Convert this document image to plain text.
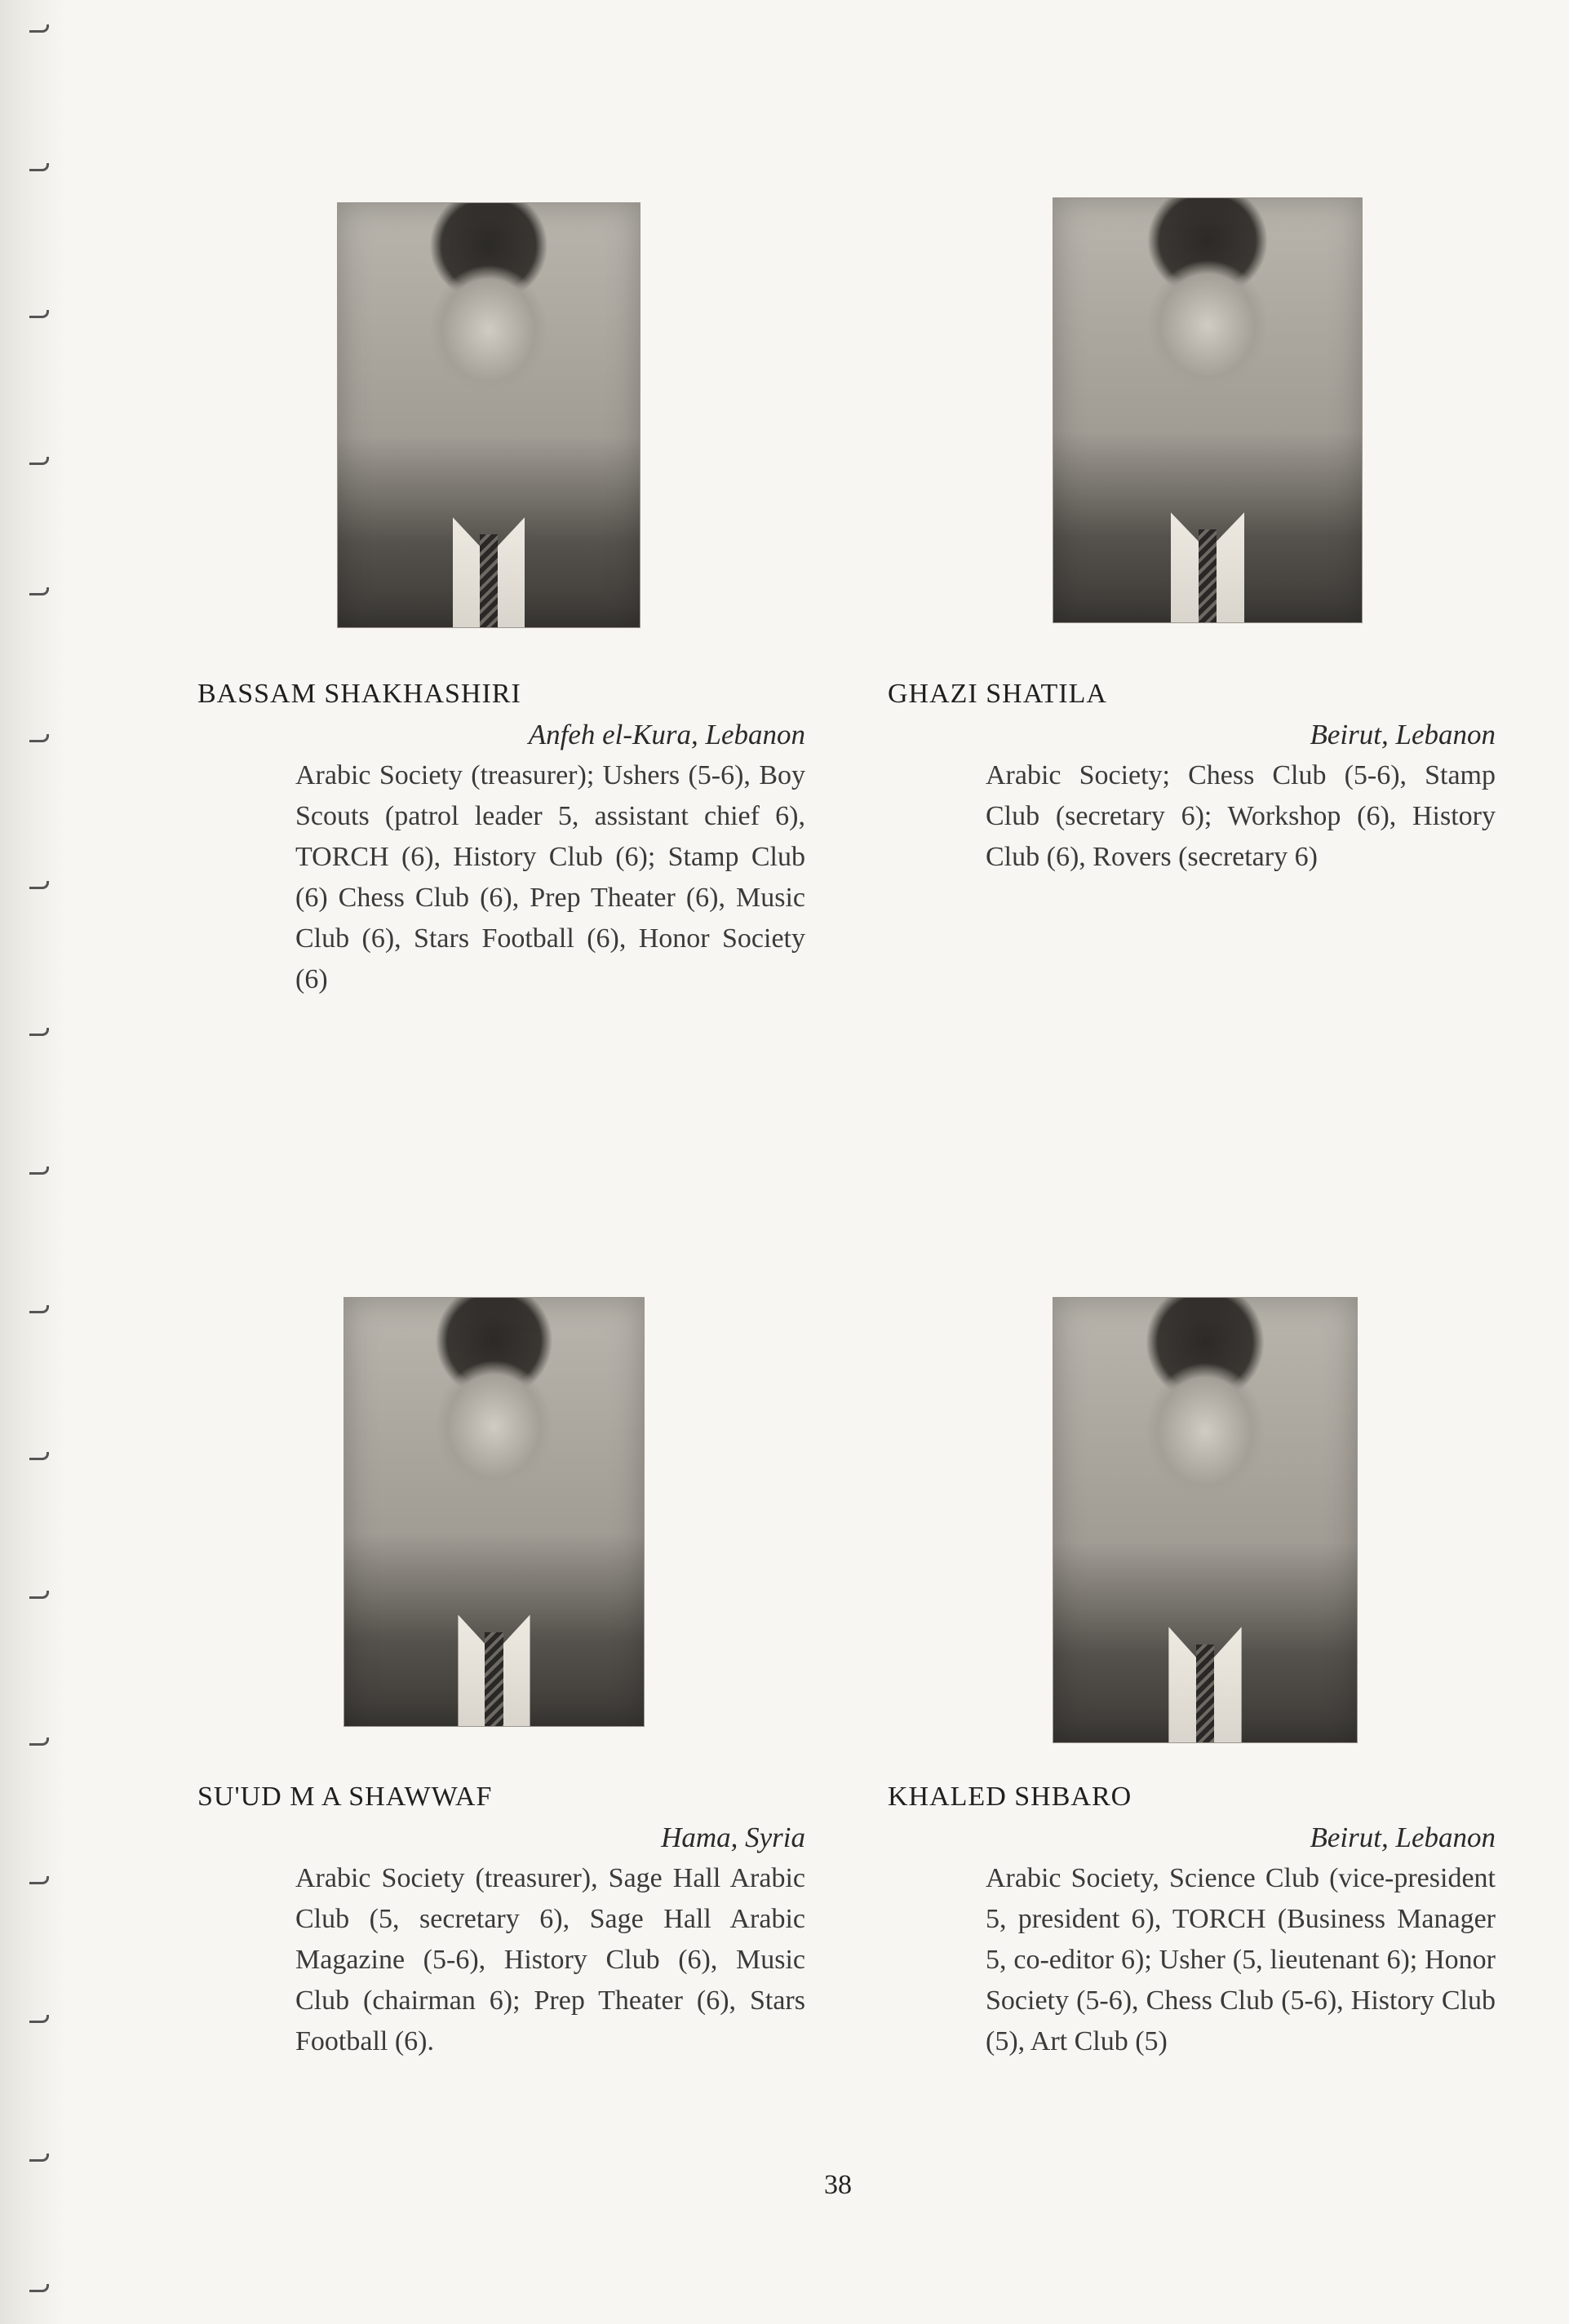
BASSAM SHAKHASHIRI
Anfeh el-Kura, Lebanon
Arabic Society (treasurer); Ushers (5-6), Boy Scouts (patrol leader 5, assistant chief 6), TORCH (6), History Club (6); Stamp Club (6) Chess Club (6), Prep Theater (6), Music Club (6), Stars Football (6), Honor Society (6)
GHAZI SHATILA
Beirut, Lebanon
Arabic Society; Chess Club (5-6), Stamp Club (secretary 6); Workshop (6), History Club (6), Rovers (secretary 6)
SU'UD M A SHAWWAF
Hama, Syria
Arabic Society (treasurer), Sage Hall Arabic Club (5, secretary 6), Sage Hall Arabic Magazine (5-6), History Club (6), Music Club (chairman 6); Prep Theater (6), Stars Football (6).
KHALED SHBARO
Beirut, Lebanon
Arabic Society, Science Club (vice-president 5, president 6), TORCH (Business Manager 5, co-editor 6); Usher (5, lieutenant 6); Honor Society (5-6), Chess Club (5-6), History Club (5), Art Club (5)
38
